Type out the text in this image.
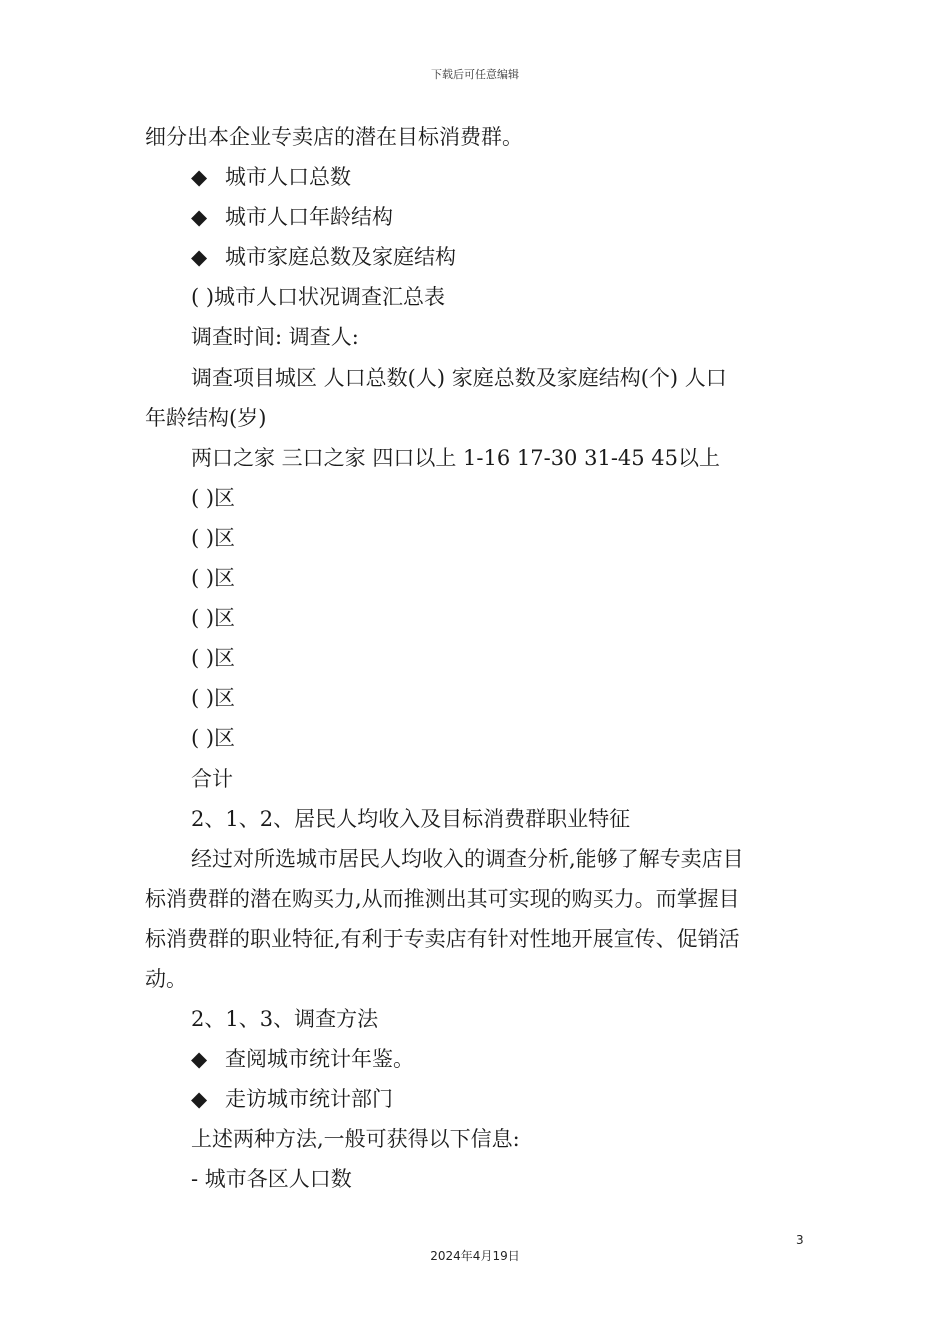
下载后可任意编辑
细分出本企业专卖店的潜在目标消费群。
◆ 城市人口总数
◆ 城市人口年龄结构
◆ 城市家庭总数及家庭结构
( )城市人口状况调查汇总表
调查时间: 调查人:
调查项目城区 人口总数(人) 家庭总数及家庭结构(个) 人口
年龄结构(岁)
两口之家 三口之家 四口以上 1-16 17-30 31-45 45以上
( )区
( )区
( )区
( )区
( )区
( )区
( )区
合计
2、1、2、居民人均收入及目标消费群职业特征
经过对所选城市居民人均收入的调查分析,能够了解专卖店目
标消费群的潜在购买力,从而推测出其可实现的购买力。而掌握目
标消费群的职业特征,有利于专卖店有针对性地开展宣传、促销活
动。
2、1、3、调查方法
◆ 查阅城市统计年鉴。
◆ 走访城市统计部门
上述两种方法,一般可获得以下信息:
- 城市各区人口数
3
2024年4月19日
